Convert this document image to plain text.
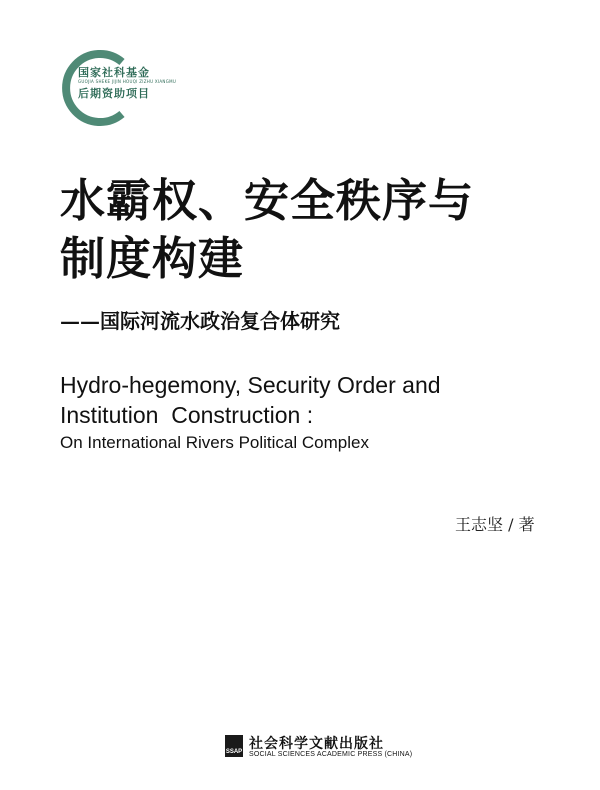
国家社科基金
GUOJIA SHEKE JIJIN HOUQI ZIZHU XIANGMU
后期资助项目
水霸权、安全秩序与
制度构建
——国际河流水政治复合体研究
Hydro-hegemony, Security Order and
Institution  Construction :
On International Rivers Political Complex
王志坚 / 著
SSAP 社会科学文献出版社
SOCIAL SCIENCES ACADEMIC PRESS (CHINA)
